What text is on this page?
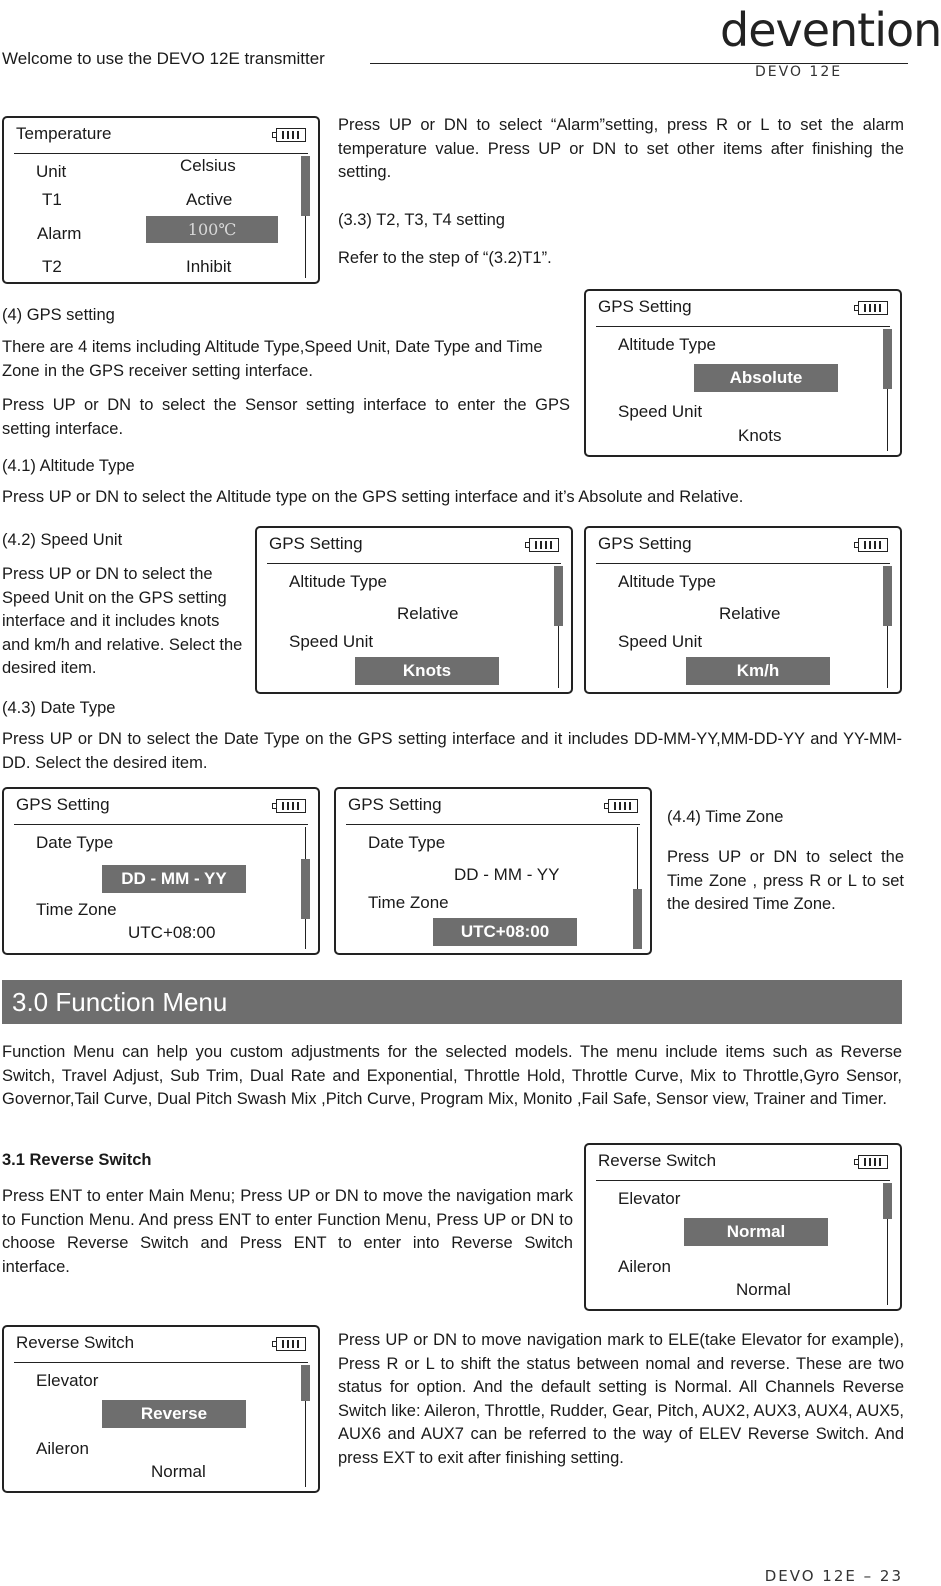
Welcome to use the DEVO 12E transmitter
devention
DEVO 12E
Temperature
Unit	Celsius
T1	Active
Alarm	100℃
T2	Inhibit
Press UP or DN to select “Alarm”setting, press R or L to set the alarm temperature value. Press UP or DN to set other items after finishing the setting.
(3.3) T2, T3, T4 setting
Refer to the step of “(3.2)T1”.
(4) GPS setting
There are 4 items including Altitude Type,Speed Unit, Date Type and Time Zone in the GPS receiver setting interface.
Press UP or DN to select the Sensor setting interface to enter the GPS setting interface.
GPS Setting
Altitude Type
Absolute
Speed Unit
Knots
(4.1) Altitude Type
Press UP or DN to select the Altitude type on the GPS setting interface and it’s Absolute and Relative.
(4.2) Speed Unit
Press UP or DN to select the Speed Unit on the GPS setting interface and it includes knots and km/h and relative. Select the desired item.
GPS Setting
Altitude Type
Relative
Speed Unit
Knots
GPS Setting
Altitude Type
Relative
Speed Unit
Km/h
(4.3) Date Type
Press UP or DN to select the Date Type on the GPS setting interface and it includes DD-MM-YY,MM-DD-YY and YY-MM-DD. Select the desired item.
GPS Setting
Date Type
DD - MM - YY
Time Zone
UTC+08:00
GPS Setting
Date Type
DD - MM - YY
Time Zone
UTC+08:00
(4.4) Time Zone
Press UP or DN to select the Time Zone , press R or L to set the desired Time Zone.
3.0 Function Menu
Function Menu can help you custom adjustments for the selected models. The menu include items such as Reverse Switch, Travel Adjust, Sub Trim, Dual Rate and Exponential, Throttle Hold, Throttle Curve, Mix to Throttle,Gyro Sensor, Governor,Tail Curve, Dual Pitch Swash Mix ,Pitch Curve, Program Mix, Monito ,Fail Safe, Sensor view, Trainer and Timer.
3.1 Reverse Switch
Press ENT to enter Main Menu; Press UP or DN to move the navigation mark to Function Menu. And press ENT to enter Function Menu, Press UP or DN to choose Reverse Switch and Press ENT to enter into Reverse Switch interface.
Reverse Switch
Elevator
Normal
Aileron
Normal
Reverse Switch
Elevator
Reverse
Aileron
Normal
Press UP or DN to move navigation mark to ELE(take Elevator for example), Press R or L to shift the status between nomal and reverse. These are two status for option. And the default setting is Normal. All Channels Reverse Switch like: Aileron, Throttle, Rudder, Gear, Pitch, AUX2, AUX3, AUX4, AUX5, AUX6 and AUX7 can be referred to the way of ELEV Reverse Switch. And press EXT to exit after finishing setting.
DEVO 12E – 23
